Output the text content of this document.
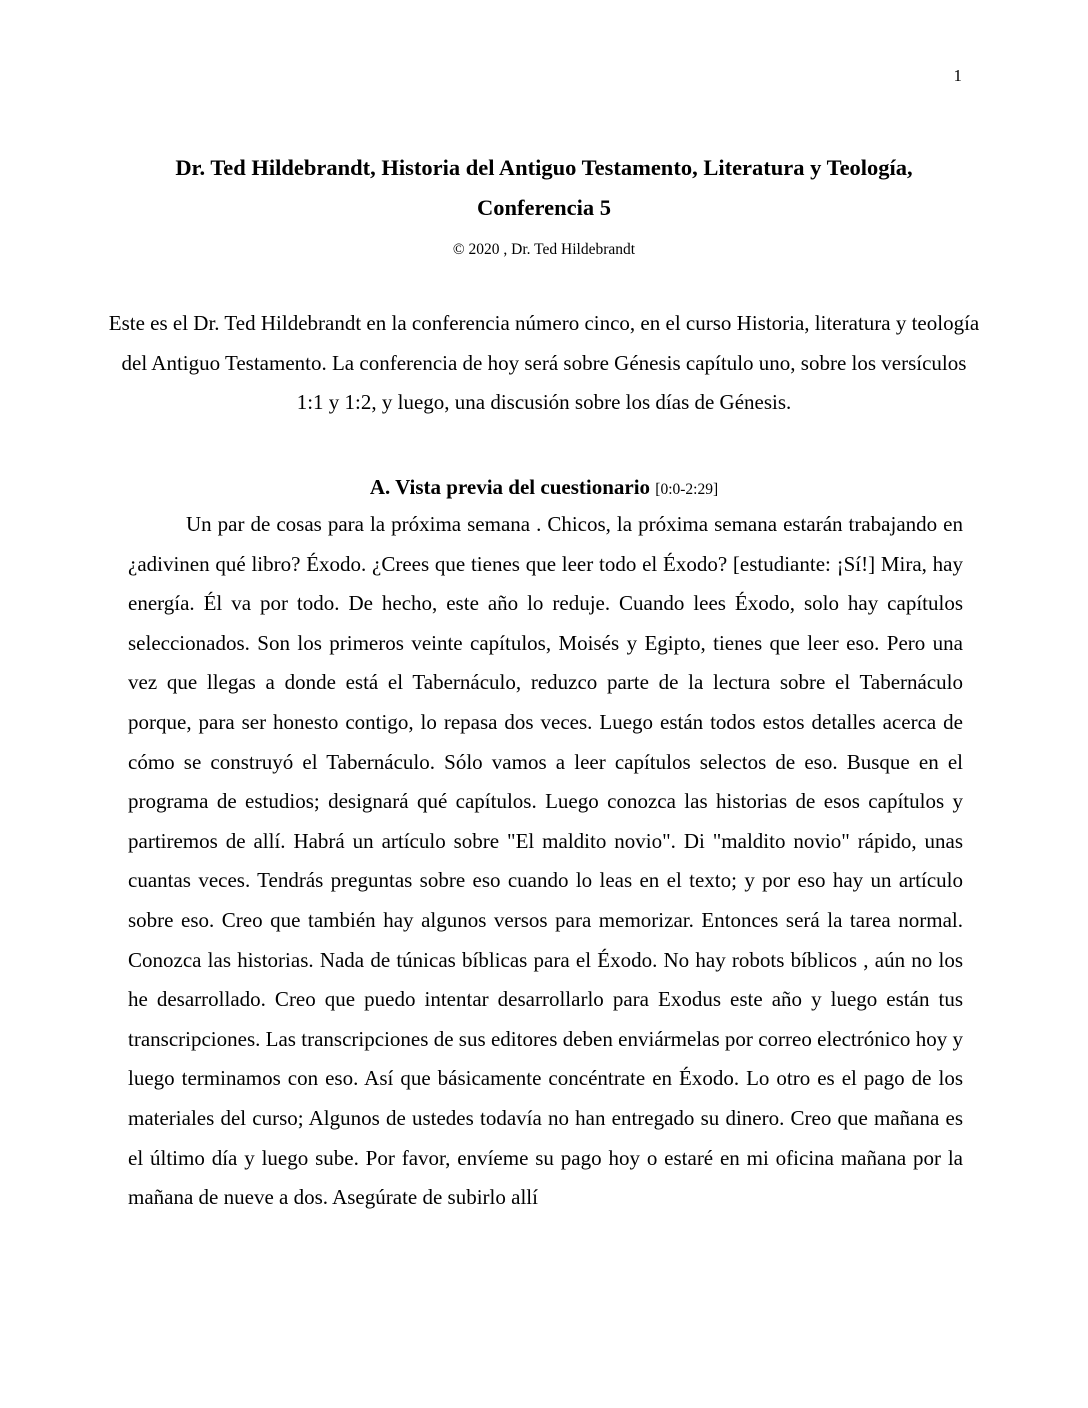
1
Dr. Ted Hildebrandt, Historia del Antiguo Testamento, Literatura y Teología,
Conferencia 5
© 2020 , Dr. Ted Hildebrandt
Este es el Dr. Ted Hildebrandt en la conferencia número cinco, en el curso Historia, literatura y teología del Antiguo Testamento. La conferencia de hoy será sobre Génesis capítulo uno, sobre los versículos 1:1 y 1:2, y luego, una discusión sobre los días de Génesis.
A. Vista previa del cuestionario [0:0-2:29]
Un par de cosas para la próxima semana . Chicos, la próxima semana estarán trabajando en ¿adivinen qué libro? Éxodo. ¿Crees que tienes que leer todo el Éxodo? [estudiante: ¡Sí!] Mira, hay energía. Él va por todo. De hecho, este año lo reduje. Cuando lees Éxodo, solo hay capítulos seleccionados. Son los primeros veinte capítulos, Moisés y Egipto, tienes que leer eso. Pero una vez que llegas a donde está el Tabernáculo, reduzco parte de la lectura sobre el Tabernáculo porque, para ser honesto contigo, lo repasa dos veces. Luego están todos estos detalles acerca de cómo se construyó el Tabernáculo. Sólo vamos a leer capítulos selectos de eso. Busque en el programa de estudios; designará qué capítulos. Luego conozca las historias de esos capítulos y partiremos de allí. Habrá un artículo sobre "El maldito novio". Di "maldito novio" rápido, unas cuantas veces. Tendrás preguntas sobre eso cuando lo leas en el texto; y por eso hay un artículo sobre eso. Creo que también hay algunos versos para memorizar. Entonces será la tarea normal. Conozca las historias. Nada de túnicas bíblicas para el Éxodo. No hay robots bíblicos , aún no los he desarrollado. Creo que puedo intentar desarrollarlo para Exodus este año y luego están tus transcripciones. Las transcripciones de sus editores deben enviármelas por correo electrónico hoy y luego terminamos con eso. Así que básicamente concéntrate en Éxodo. Lo otro es el pago de los materiales del curso; Algunos de ustedes todavía no han entregado su dinero. Creo que mañana es el último día y luego sube. Por favor, envíeme su pago hoy o estaré en mi oficina mañana por la mañana de nueve a dos. Asegúrate de subirlo allí
